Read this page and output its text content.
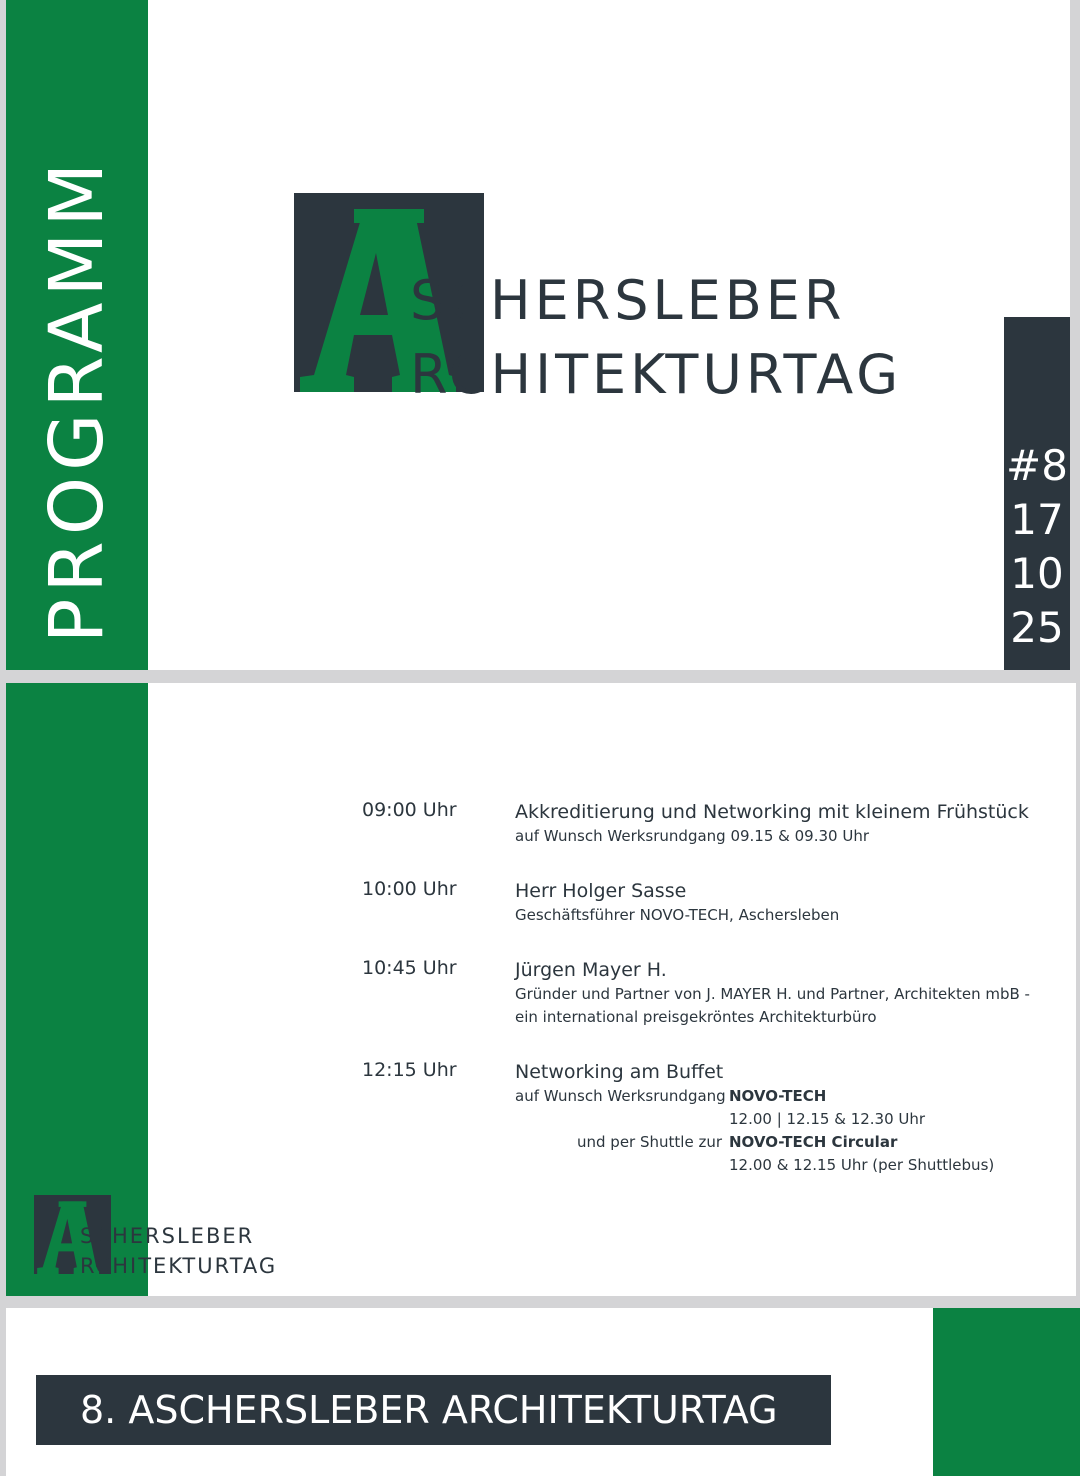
PROGRAMM	SCHERSLEBER
RCHITEKTURTAG
#8
17
10
25
09:00 Uhr	Akkreditierung und Networking mit kleinem Frühstück
auf Wunsch Werksrundgang 09.15 & 09.30 Uhr
10:00 Uhr	Herr Holger Sasse
Geschäftsführer NOVO-TECH, Aschersleben
10:45 Uhr	Jürgen Mayer H.
Gründer und Partner von J. MAYER H. und Partner, Architekten mbB -
ein international preisgekröntes Architekturbüro
12:15 Uhr	Networking am Buffet
auf Wunsch Werksrundgang NOVO-TECH
12.00 | 12.15 & 12.30 Uhr
und per Shuttle zur NOVO-TECH Circular
12.00 & 12.15 Uhr (per Shuttlebus)
SCHERSLEBER
RCHITEKTURTAG
8. ASCHERSLEBER ARCHITEKTURTAG
